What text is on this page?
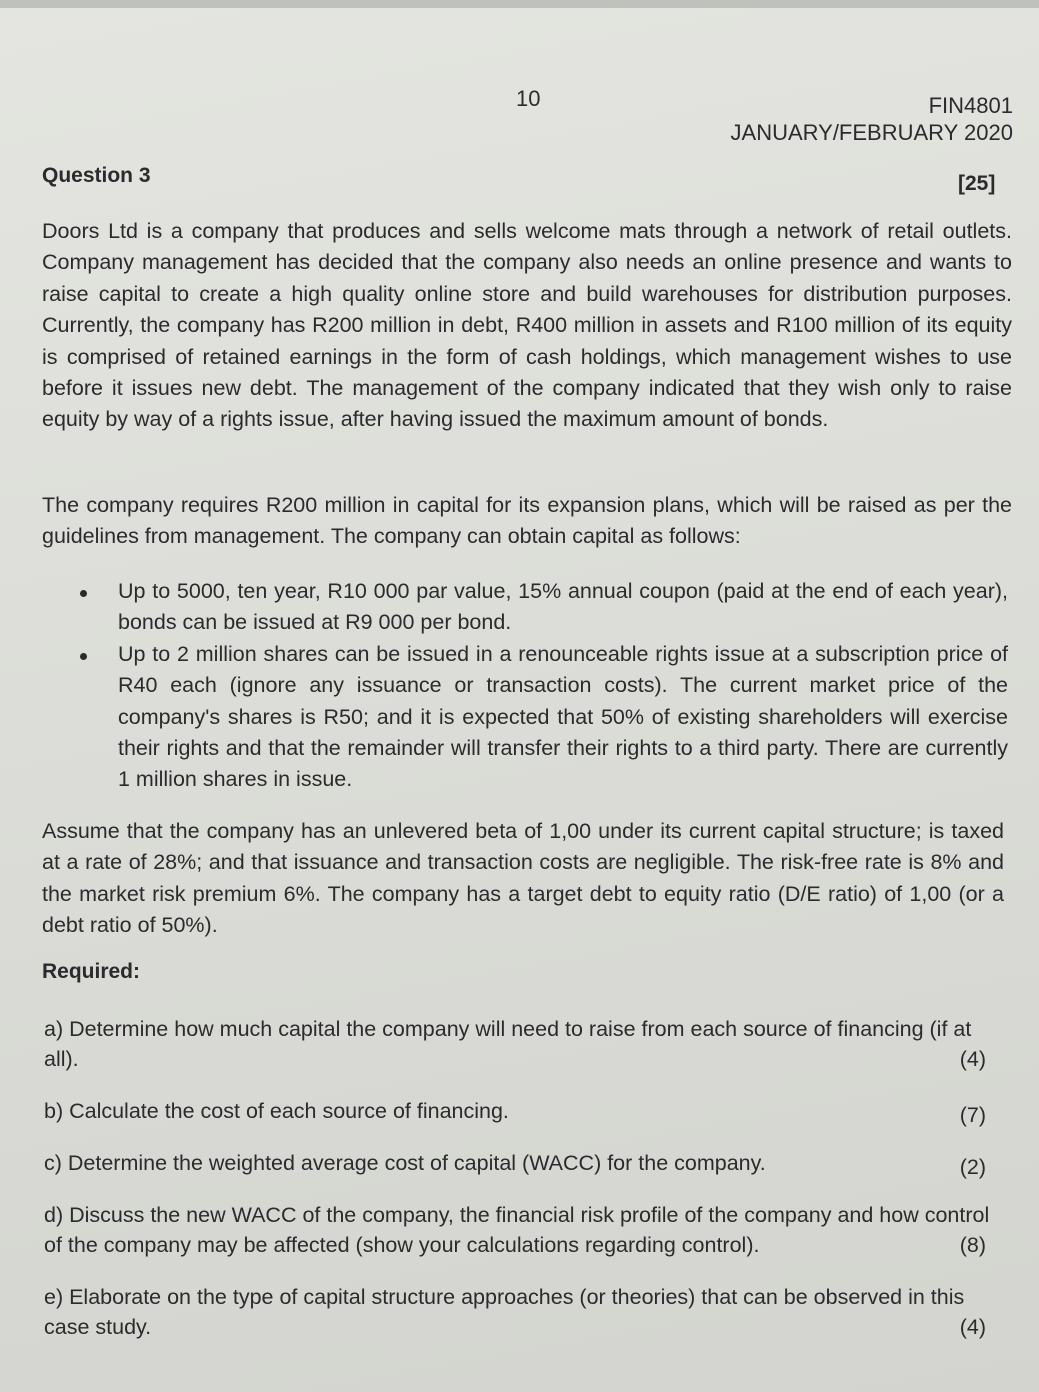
10	FIN4801
JANUARY/FEBRUARY 2020
Question 3	[25]

Doors Ltd is a company that produces and sells welcome mats through a network of retail outlets. Company management has decided that the company also needs an online presence and wants to raise capital to create a high quality online store and build warehouses for distribution purposes. Currently, the company has R200 million in debt, R400 million in assets and R100 million of its equity is comprised of retained earnings in the form of cash holdings, which management wishes to use before it issues new debt. The management of the company indicated that they wish only to raise equity by way of a rights issue, after having issued the maximum amount of bonds.

The company requires R200 million in capital for its expansion plans, which will be raised as per the guidelines from management. The company can obtain capital as follows:

Up to 5000, ten year, R10 000 par value, 15% annual coupon (paid at the end of each year), bonds can be issued at R9 000 per bond.
Up to 2 million shares can be issued in a renounceable rights issue at a subscription price of R40 each (ignore any issuance or transaction costs). The current market price of the company's shares is R50; and it is expected that 50% of existing shareholders will exercise their rights and that the remainder will transfer their rights to a third party. There are currently 1 million shares in issue.

Assume that the company has an unlevered beta of 1,00 under its current capital structure; is taxed at a rate of 28%; and that issuance and transaction costs are negligible. The risk-free rate is 8% and the market risk premium 6%. The company has a target debt to equity ratio (D/E ratio) of 1,00 (or a debt ratio of 50%).

Required:
a) Determine how much capital the company will need to raise from each source of financing (if at all).	(4)
b) Calculate the cost of each source of financing.	(7)
c) Determine the weighted average cost of capital (WACC) for the company.	(2)
d) Discuss the new WACC of the company, the financial risk profile of the company and how control of the company may be affected (show your calculations regarding control).	(8)
e) Elaborate on the type of capital structure approaches (or theories) that can be observed in this case study.	(4)
